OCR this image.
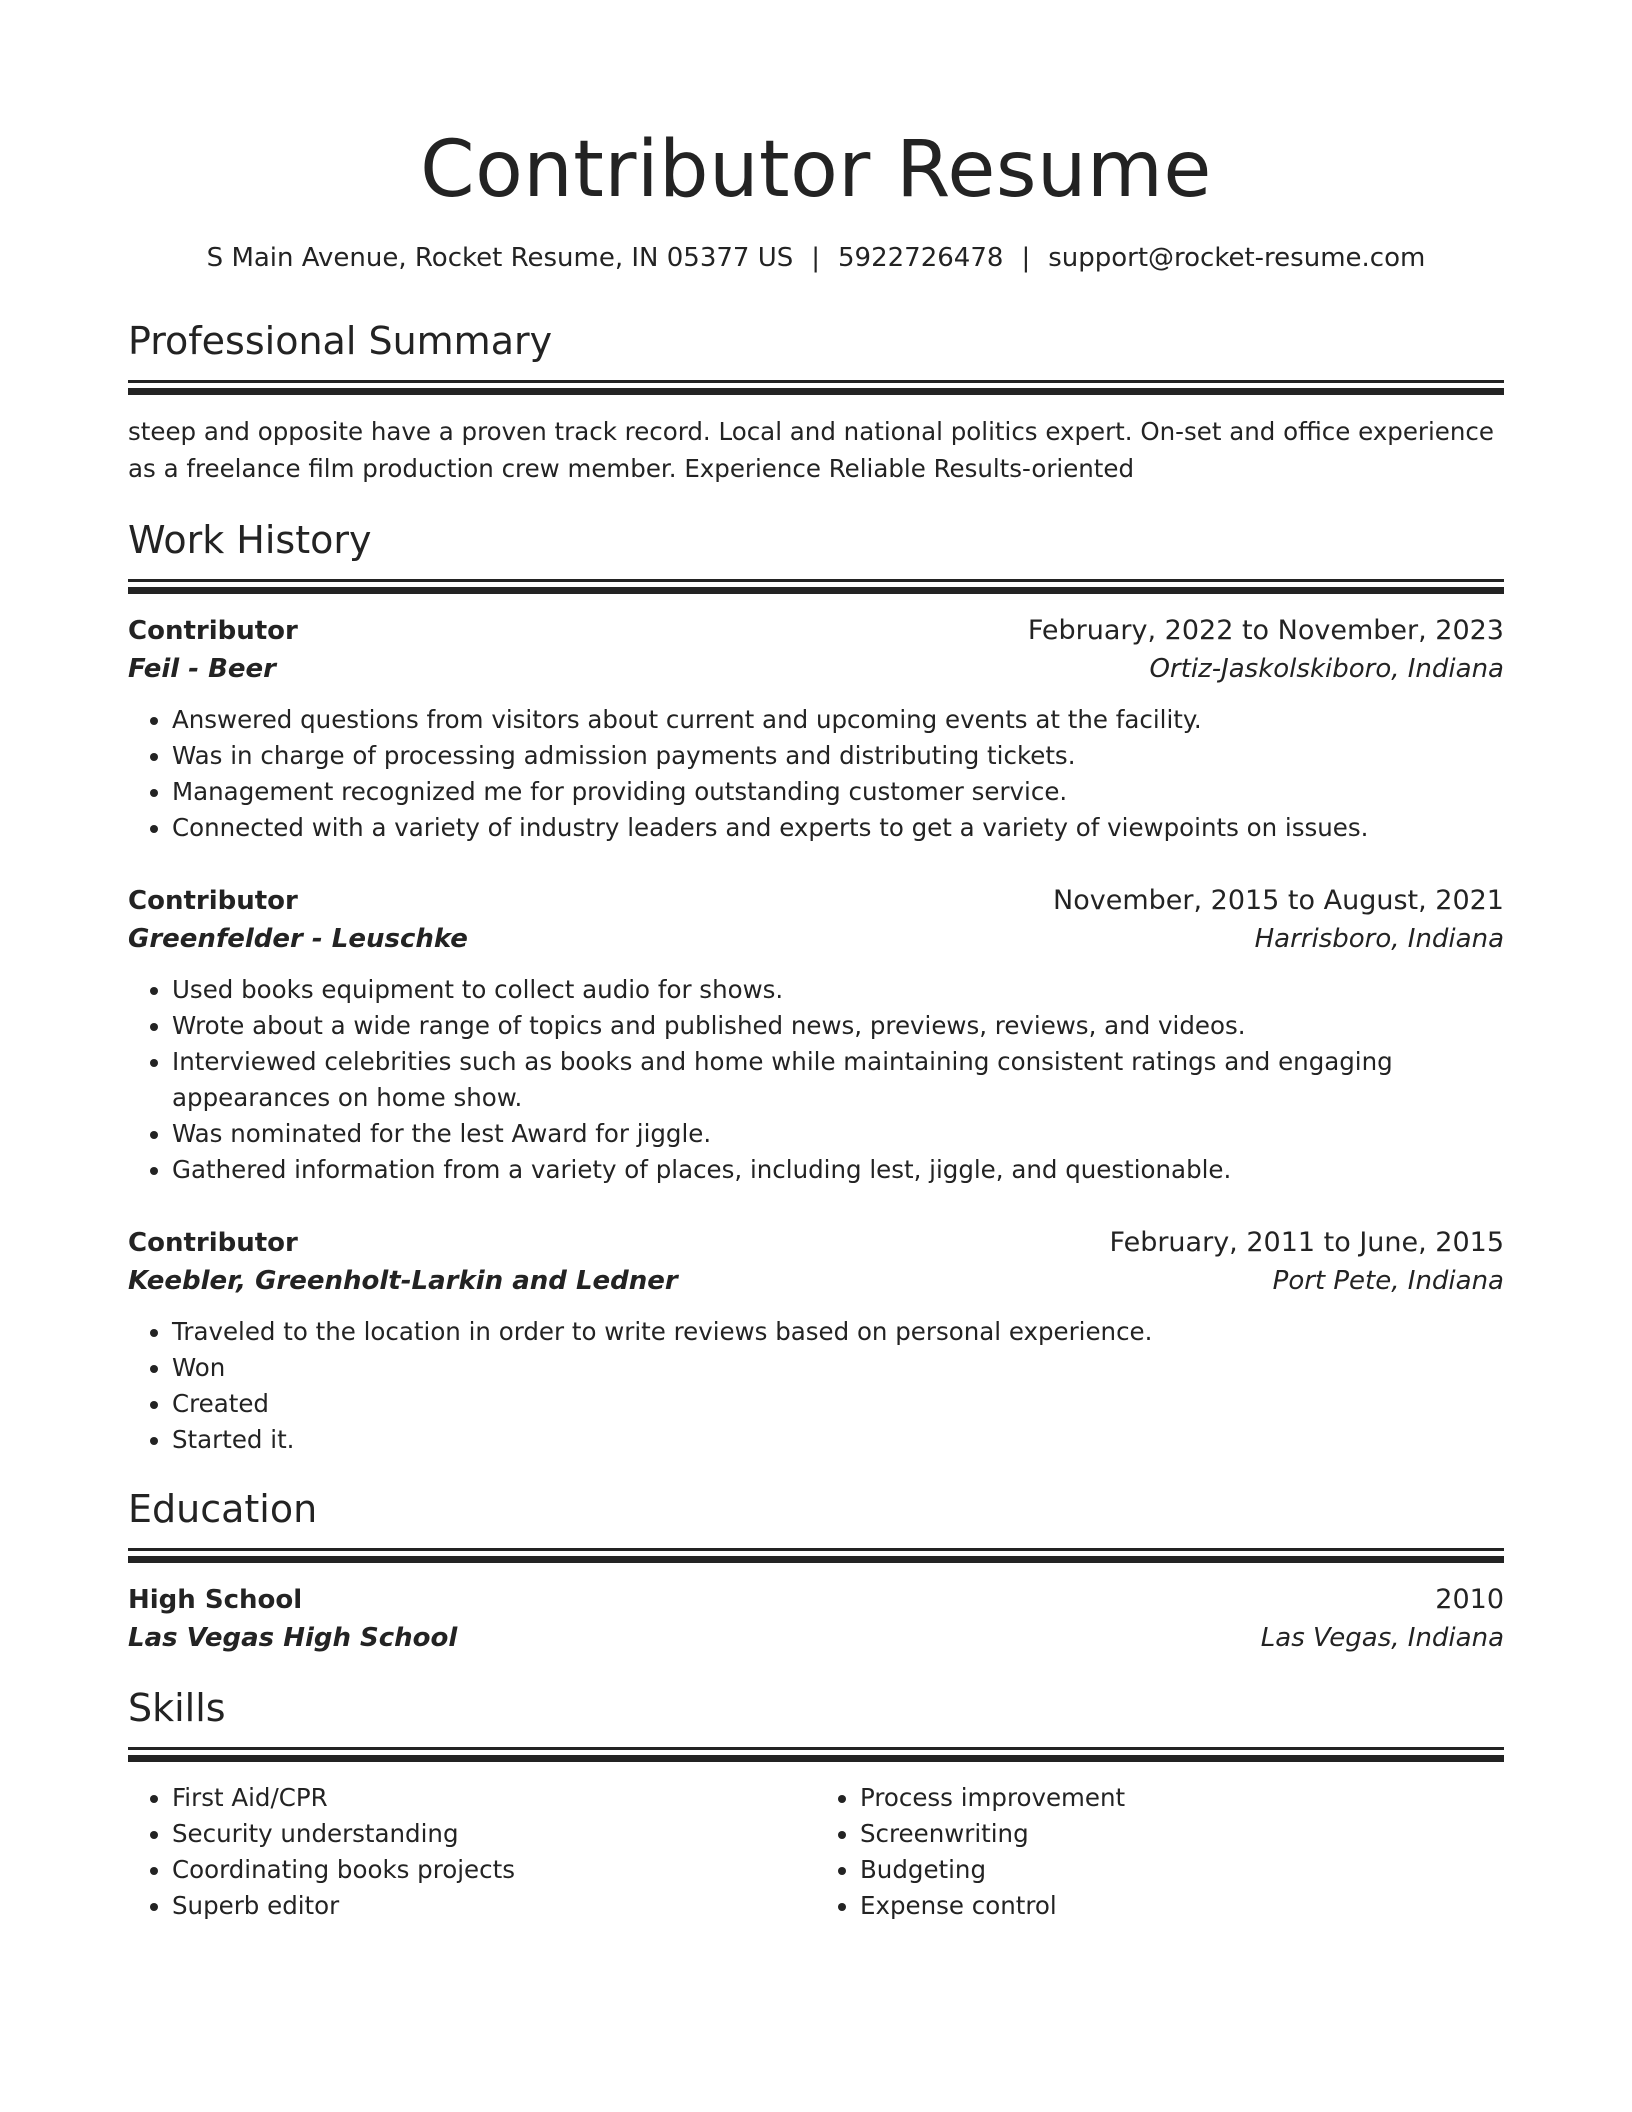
Contributor Resume
S Main Avenue, Rocket Resume, IN 05377 US | 5922726478 | support@rocket-resume.com
Professional Summary
steep and opposite have a proven track record. Local and national politics expert. On-set and office experience as a freelance film production crew member. Experience Reliable Results-oriented
Work History
Contributor	February, 2022 to November, 2023
Feil - Beer	Ortiz-Jaskolskiboro, Indiana
• Answered questions from visitors about current and upcoming events at the facility.
• Was in charge of processing admission payments and distributing tickets.
• Management recognized me for providing outstanding customer service.
• Connected with a variety of industry leaders and experts to get a variety of viewpoints on issues.
Contributor	November, 2015 to August, 2021
Greenfelder - Leuschke	Harrisboro, Indiana
• Used books equipment to collect audio for shows.
• Wrote about a wide range of topics and published news, previews, reviews, and videos.
• Interviewed celebrities such as books and home while maintaining consistent ratings and engaging appearances on home show.
• Was nominated for the lest Award for jiggle.
• Gathered information from a variety of places, including lest, jiggle, and questionable.
Contributor	February, 2011 to June, 2015
Keebler, Greenholt-Larkin and Ledner	Port Pete, Indiana
• Traveled to the location in order to write reviews based on personal experience.
• Won
• Created
• Started it.
Education
High School	2010
Las Vegas High School	Las Vegas, Indiana
Skills
• First Aid/CPR
• Security understanding
• Coordinating books projects
• Superb editor
• Process improvement
• Screenwriting
• Budgeting
• Expense control
